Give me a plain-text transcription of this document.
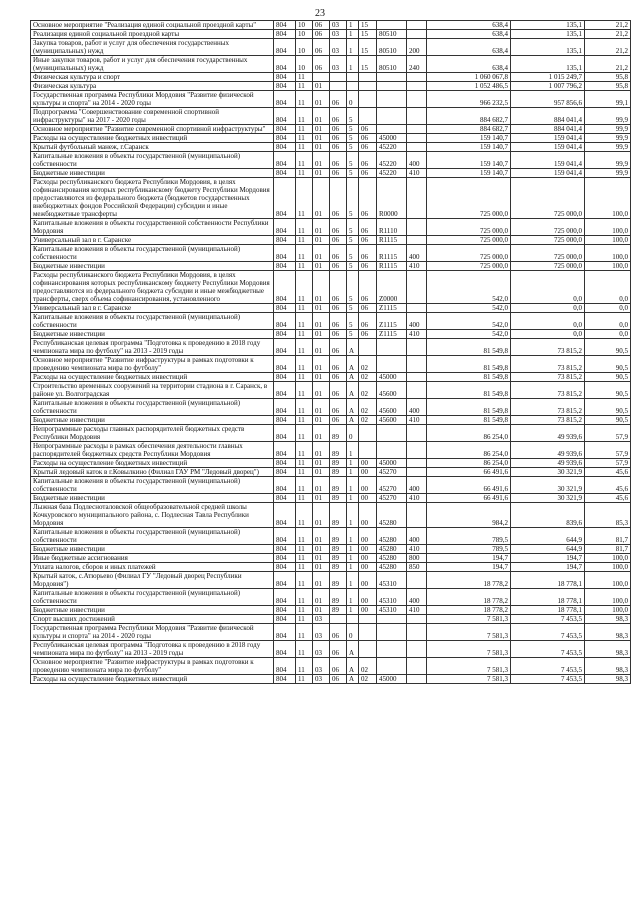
23
Основное мероприятие "Реализация единой социальной проездной карты"	804	10	06	03	1	15			638,4	135,1	21,2
Реализация единой социальной проездной карты	804	10	06	03	1	15	80510		638,4	135,1	21,2
Закупка товаров, работ и услуг для обеспечения государственных (муниципальных) нужд	804	10	06	03	1	15	80510	200	638,4	135,1	21,2
Иные закупки товаров, работ и услуг для обеспечения государственных (муниципальных) нужд	804	10	06	03	1	15	80510	240	638,4	135,1	21,2
Физическая культура и спорт	804	11							1 060 067,8	1 015 249,7	95,8
Физическая культура	804	11	01						1 052 486,5	1 007 796,2	95,8
Государственная программа Республики Мордовия "Развитие физической культуры и спорта" на 2014 - 2020 годы	804	11	01	06	0				966 232,5	957 856,6	99,1
Подпрограмма "Совершенствование современной спортивной инфраструктуры" на 2017 - 2020 годы	804	11	01	06	5				884 682,7	884 041,4	99,9
Основное мероприятие "Развитие современной спортивной инфраструктуры"	804	11	01	06	5	06			884 682,7	884 041,4	99,9
Расходы на осуществление бюджетных инвестиций	804	11	01	06	5	06	45000		159 140,7	159 041,4	99,9
Крытый футбольный манеж, г.Саранск	804	11	01	06	5	06	45220		159 140,7	159 041,4	99,9
Капитальные вложения в объекты государственной (муниципальной) собственности	804	11	01	06	5	06	45220	400	159 140,7	159 041,4	99,9
Бюджетные инвестиции	804	11	01	06	5	06	45220	410	159 140,7	159 041,4	99,9
Расходы республиканского бюджета Республики Мордовия, в целях софинансирования которых республиканскому бюджету Республики Мордовия предоставляются из федерального бюджета (бюджетов государственных внебюджетных фондов Российской Федерации) субсидии и иные межбюджетные трансферты	804	11	01	06	5	06	R0000		725 000,0	725 000,0	100,0
Капитальные вложения в объекты государственной собственности Республики Мордовия	804	11	01	06	5	06	R1110		725 000,0	725 000,0	100,0
Универсальный зал в г. Саранске	804	11	01	06	5	06	R1115		725 000,0	725 000,0	100,0
Капитальные вложения в объекты государственной (муниципальной) собственности	804	11	01	06	5	06	R1115	400	725 000,0	725 000,0	100,0
Бюджетные инвестиции	804	11	01	06	5	06	R1115	410	725 000,0	725 000,0	100,0
Расходы республиканского бюджета Республики Мордовия, в целях софинансирования которых республиканскому бюджету Республики Мордовия предоставляются из федерального бюджета субсидии и иные межбюджетные трансферты, сверх объема софинансирования, установленного	804	11	01	06	5	06	Z0000		542,0	0,0	0,0
Универсальный зал в г. Саранске	804	11	01	06	5	06	Z1115		542,0	0,0	0,0
Капитальные вложения в объекты государственной (муниципальной) собственности	804	11	01	06	5	06	Z1115	400	542,0	0,0	0,0
Бюджетные инвестиции	804	11	01	06	5	06	Z1115	410	542,0	0,0	0,0
Республиканская целевая программа "Подготовка к проведению в 2018 году чемпионата мира по футболу" на 2013 - 2019 годы	804	11	01	06	А				81 549,8	73 815,2	90,5
Основное мероприятие "Развитие инфраструктуры в рамках подготовки к проведению чемпионата мира по футболу"	804	11	01	06	А	02			81 549,8	73 815,2	90,5
Расходы на осуществление бюджетных инвестиций	804	11	01	06	А	02	45000		81 549,8	73 815,2	90,5
Строительство временных сооружений на территории стадиона в г. Саранск, в районе ул. Волгоградская	804	11	01	06	А	02	45600		81 549,8	73 815,2	90,5
Капитальные вложения в объекты государственной (муниципальной) собственности	804	11	01	06	А	02	45600	400	81 549,8	73 815,2	90,5
Бюджетные инвестиции	804	11	01	06	А	02	45600	410	81 549,8	73 815,2	90,5
Непрограммные расходы главных распорядителей бюджетных средств Республики Мордовия	804	11	01	89	0				86 254,0	49 939,6	57,9
Непрограммные расходы в рамках обеспечения деятельности главных распорядителей бюджетных средств Республики Мордовия	804	11	01	89	1				86 254,0	49 939,6	57,9
Расходы на осуществление бюджетных инвестиций	804	11	01	89	1	00	45000		86 254,0	49 939,6	57,9
Крытый ледовый каток в г.Ковылкино (Филиал ГАУ РМ "Ледовый дворец")	804	11	01	89	1	00	45270		66 491,6	30 321,9	45,6
Капитальные вложения в объекты государственной (муниципальной) собственности	804	11	01	89	1	00	45270	400	66 491,6	30 321,9	45,6
Бюджетные инвестиции	804	11	01	89	1	00	45270	410	66 491,6	30 321,9	45,6
Лыжная база Подлесноталовской общеобразовательной средней школы Кочкуровского муниципального района, с. Подлесная Тавла Республики Мордовия	804	11	01	89	1	00	45280		984,2	839,6	85,3
Капитальные вложения в объекты государственной (муниципальной) собственности	804	11	01	89	1	00	45280	400	789,5	644,9	81,7
Бюджетные инвестиции	804	11	01	89	1	00	45280	410	789,5	644,9	81,7
Иные бюджетные ассигнования	804	11	01	89	1	00	45280	800	194,7	194,7	100,0
Уплата налогов, сборов и иных платежей	804	11	01	89	1	00	45280	850	194,7	194,7	100,0
Крытый каток, с.Атюрьево (Филиал ГУ "Ледовый дворец Республики Мордовия")	804	11	01	89	1	00	45310		18 778,2	18 778,1	100,0
Капитальные вложения в объекты государственной (муниципальной) собственности	804	11	01	89	1	00	45310	400	18 778,2	18 778,1	100,0
Бюджетные инвестиции	804	11	01	89	1	00	45310	410	18 778,2	18 778,1	100,0
Спорт высших достижений	804	11	03						7 581,3	7 453,5	98,3
Государственная программа Республики Мордовия "Развитие физической культуры и спорта" на 2014 - 2020 годы	804	11	03	06	0				7 581,3	7 453,5	98,3
Республиканская целевая программа "Подготовка к проведению в 2018 году чемпионата мира по футболу" на 2013 - 2019 годы	804	11	03	06	А				7 581,3	7 453,5	98,3
Основное мероприятие "Развитие инфраструктуры в рамках подготовки к проведению чемпионата мира по футболу"	804	11	03	06	А	02			7 581,3	7 453,5	98,3
Расходы на осуществление бюджетных инвестиций	804	11	03	06	А	02	45000		7 581,3	7 453,5	98,3
